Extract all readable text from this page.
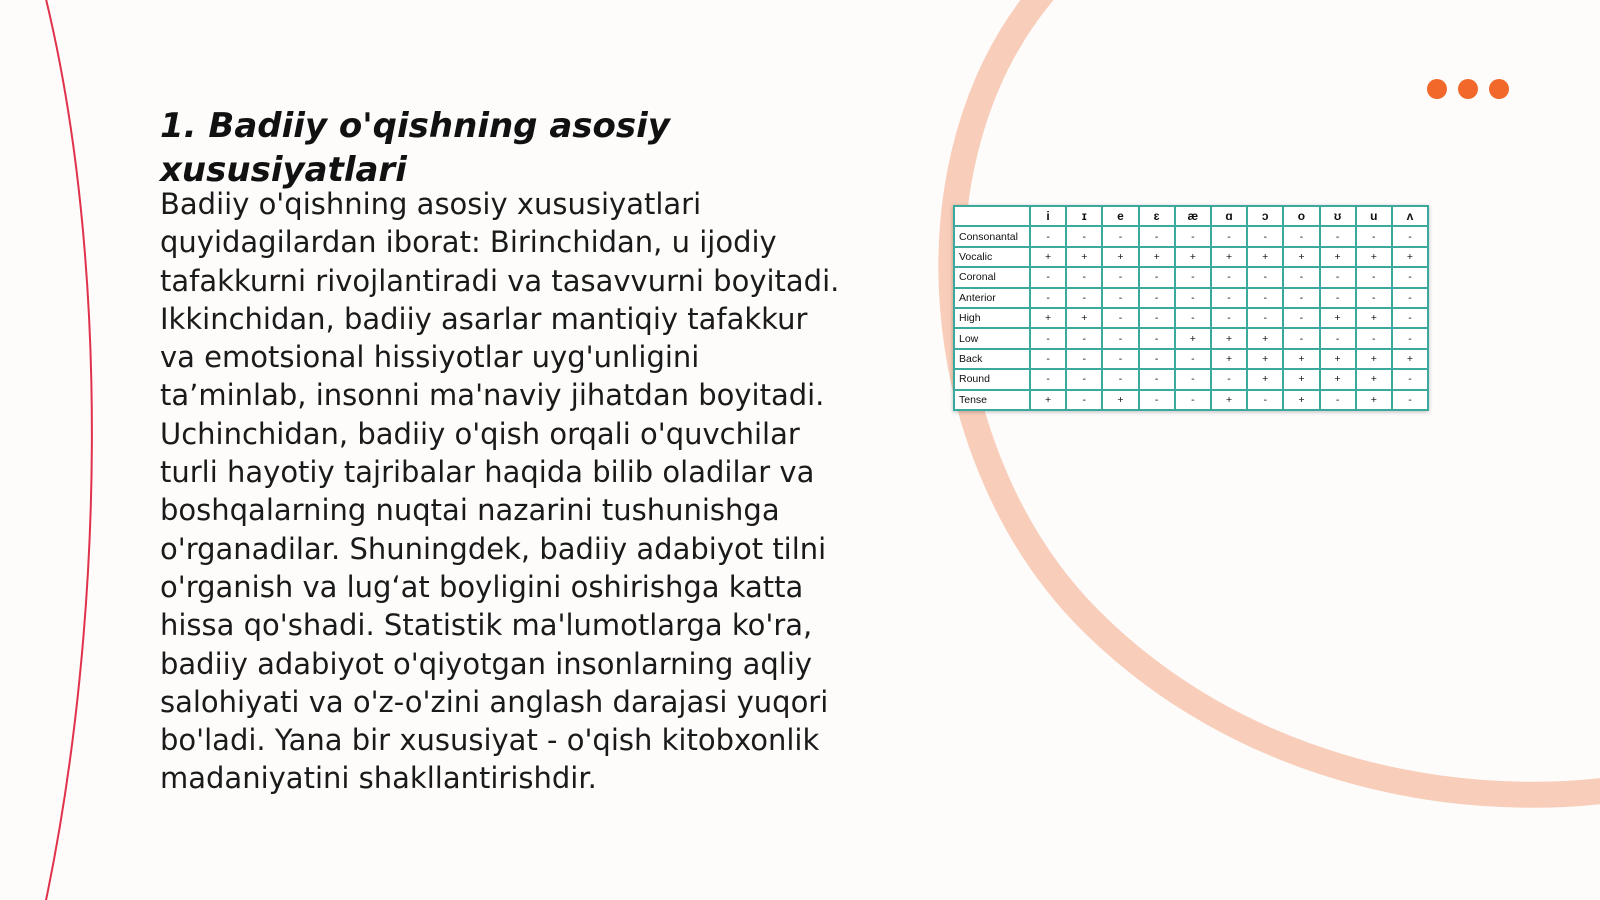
1. Badiiy o'qishning asosiy xususiyatlari

Badiiy o'qishning asosiy xususiyatlari quyidagilardan iborat: Birinchidan, u ijodiy tafakkurni rivojlantiradi va tasavvurni boyitadi. Ikkinchidan, badiiy asarlar mantiqiy tafakkur va emotsional hissiyotlar uyg'unligini ta’minlab, insonni ma'naviy jihatdan boyitadi. Uchinchidan, badiiy o'qish orqali o'quvchilar turli hayotiy tajribalar haqida bilib oladilar va boshqalarning nuqtai nazarini tushunishga o'rganadilar. Shuningdek, badiiy adabiyot tilni o'rganish va lug‘at boyligini oshirishga katta hissa qo'shadi. Statistik ma'lumotlarga ko'ra, badiiy adabiyot o'qiyotgan insonlarning aqliy salohiyati va o'z-o'zini anglash darajasi yuqori bo'ladi. Yana bir xususiyat - o'qish kitobxonlik madaniyatini shakllantirishdir.

	i	ɪ	e	ɛ	æ	ɑ	ɔ	o	ʊ	u	ʌ
Consonantal	-	-	-	-	-	-	-	-	-	-	-
Vocalic	+	+	+	+	+	+	+	+	+	+	+
Coronal	-	-	-	-	-	-	-	-	-	-	-
Anterior	-	-	-	-	-	-	-	-	-	-	-
High	+	+	-	-	-	-	-	-	+	+	-
Low	-	-	-	-	+	+	+	-	-	-	-
Back	-	-	-	-	-	+	+	+	+	+	+
Round	-	-	-	-	-	-	+	+	+	+	-
Tense	+	-	+	-	-	+	-	+	-	+	-
